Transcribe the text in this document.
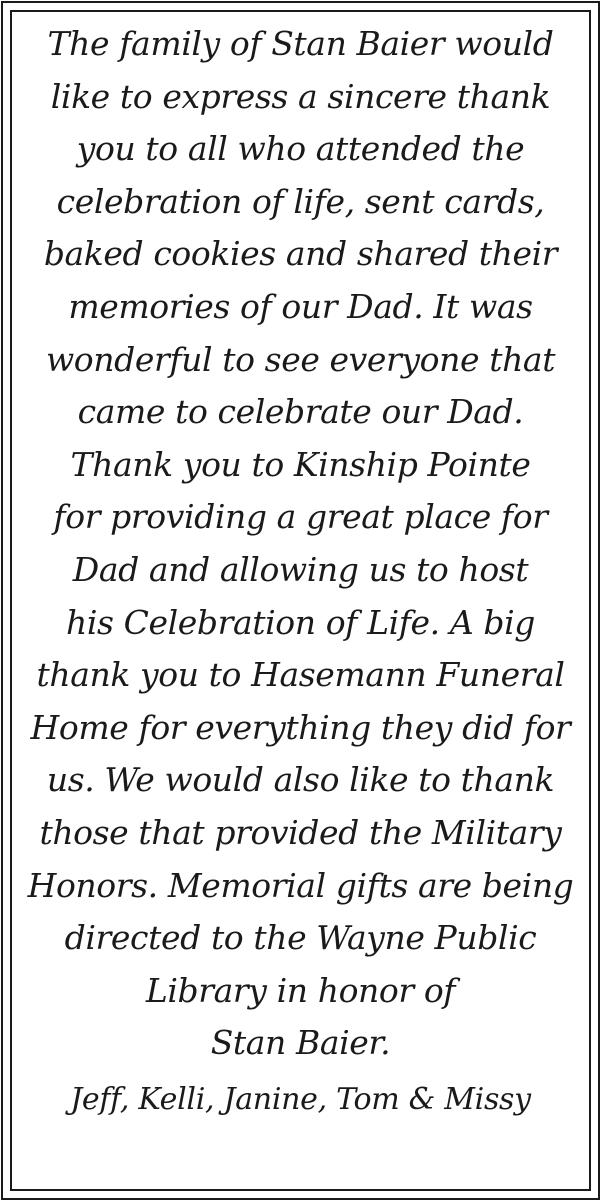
The family of Stan Baier would
like to express a sincere thank
you to all who attended the
celebration of life, sent cards,
baked cookies and shared their
memories of our Dad. It was
wonderful to see everyone that
came to celebrate our Dad.
Thank you to Kinship Pointe
for providing a great place for
Dad and allowing us to host
his Celebration of Life. A big
thank you to Hasemann Funeral
Home for everything they did for
us. We would also like to thank
those that provided the Military
Honors. Memorial gifts are being
directed to the Wayne Public
Library in honor of
Stan Baier.
Jeff, Kelli, Janine, Tom & Missy
